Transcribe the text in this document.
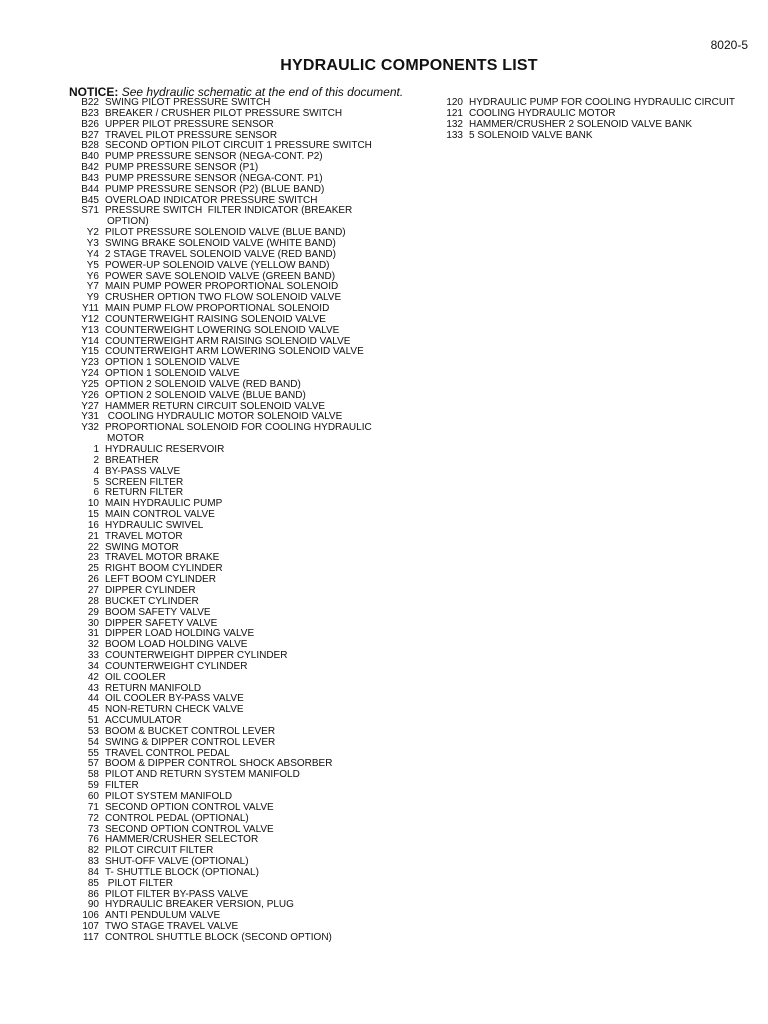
8020-5
HYDRAULIC COMPONENTS LIST
NOTICE: See hydraulic schematic at the end of this document.
B22 SWING PILOT PRESSURE SWITCH
B23 BREAKER / CRUSHER PILOT PRESSURE SWITCH
B26 UPPER PILOT PRESSURE SENSOR
B27 TRAVEL PILOT PRESSURE SENSOR
B28 SECOND OPTION PILOT CIRCUIT 1 PRESSURE SWITCH
B40 PUMP PRESSURE SENSOR (NEGA-CONT. P2)
B42 PUMP PRESSURE SENSOR (P1)
B43 PUMP PRESSURE SENSOR (NEGA-CONT. P1)
B44 PUMP PRESSURE SENSOR (P2) (BLUE BAND)
B45 OVERLOAD INDICATOR PRESSURE SWITCH
S71 PRESSURE SWITCH  FILTER INDICATOR (BREAKER
OPTION)
Y2 PILOT PRESSURE SOLENOID VALVE (BLUE BAND)
Y3 SWING BRAKE SOLENOID VALVE (WHITE BAND)
Y4 2 STAGE TRAVEL SOLENOID VALVE (RED BAND)
Y5 POWER-UP SOLENOID VALVE (YELLOW BAND)
Y6 POWER SAVE SOLENOID VALVE (GREEN BAND)
Y7 MAIN PUMP POWER PROPORTIONAL SOLENOID
Y9 CRUSHER OPTION TWO FLOW SOLENOID VALVE
Y11 MAIN PUMP FLOW PROPORTIONAL SOLENOID
Y12 COUNTERWEIGHT RAISING SOLENOID VALVE
Y13 COUNTERWEIGHT LOWERING SOLENOID VALVE
Y14 COUNTERWEIGHT ARM RAISING SOLENOID VALVE
Y15 COUNTERWEIGHT ARM LOWERING SOLENOID VALVE
Y23 OPTION 1 SOLENOID VALVE
Y24 OPTION 1 SOLENOID VALVE
Y25 OPTION 2 SOLENOID VALVE (RED BAND)
Y26 OPTION 2 SOLENOID VALVE (BLUE BAND)
Y27 HAMMER RETURN CIRCUIT SOLENOID VALVE
Y31 COOLING HYDRAULIC MOTOR SOLENOID VALVE
Y32 PROPORTIONAL SOLENOID FOR COOLING HYDRAULIC
MOTOR
1 HYDRAULIC RESERVOIR
2 BREATHER
4 BY-PASS VALVE
5 SCREEN FILTER
6 RETURN FILTER
10 MAIN HYDRAULIC PUMP
15 MAIN CONTROL VALVE
16 HYDRAULIC SWIVEL
21 TRAVEL MOTOR
22 SWING MOTOR
23 TRAVEL MOTOR BRAKE
25 RIGHT BOOM CYLINDER
26 LEFT BOOM CYLINDER
27 DIPPER CYLINDER
28 BUCKET CYLINDER
29 BOOM SAFETY VALVE
30 DIPPER SAFETY VALVE
31 DIPPER LOAD HOLDING VALVE
32 BOOM LOAD HOLDING VALVE
33 COUNTERWEIGHT DIPPER CYLINDER
34 COUNTERWEIGHT CYLINDER
42 OIL COOLER
43 RETURN MANIFOLD
44 OIL COOLER BY-PASS VALVE
45 NON-RETURN CHECK VALVE
51 ACCUMULATOR
53 BOOM & BUCKET CONTROL LEVER
54 SWING & DIPPER CONTROL LEVER
55 TRAVEL CONTROL PEDAL
57 BOOM & DIPPER CONTROL SHOCK ABSORBER
58 PILOT AND RETURN SYSTEM MANIFOLD
59 FILTER
60 PILOT SYSTEM MANIFOLD
71 SECOND OPTION CONTROL VALVE
72 CONTROL PEDAL (OPTIONAL)
73 SECOND OPTION CONTROL VALVE
76 HAMMER/CRUSHER SELECTOR
82 PILOT CIRCUIT FILTER
83 SHUT-OFF VALVE (OPTIONAL)
84 T- SHUTTLE BLOCK (OPTIONAL)
85 PILOT FILTER
86 PILOT FILTER BY-PASS VALVE
90 HYDRAULIC BREAKER VERSION, PLUG
106 ANTI PENDULUM VALVE
107 TWO STAGE TRAVEL VALVE
117 CONTROL SHUTTLE BLOCK (SECOND OPTION)
120 HYDRAULIC PUMP FOR COOLING HYDRAULIC CIRCUIT
121 COOLING HYDRAULIC MOTOR
132 HAMMER/CRUSHER 2 SOLENOID VALVE BANK
133 5 SOLENOID VALVE BANK
